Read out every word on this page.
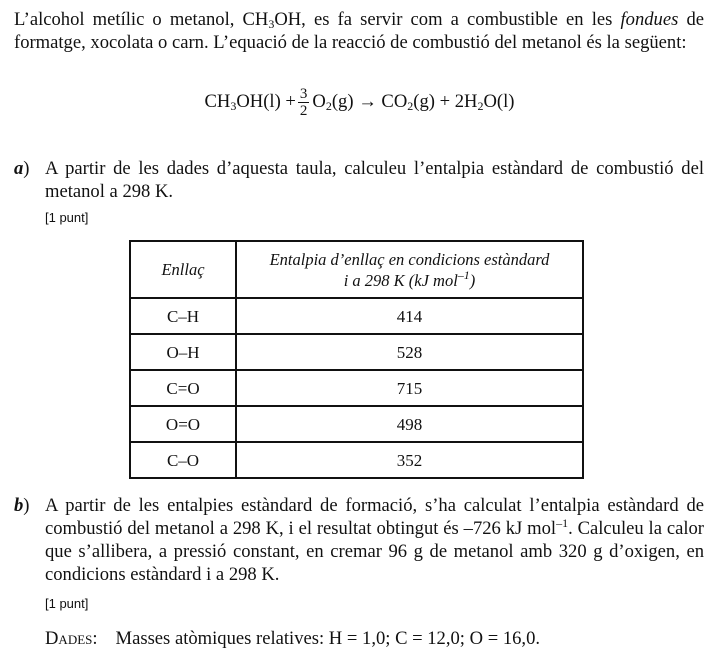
L’alcohol metílic o metanol, $CH_3OH$, es fa servir com a combustible en les fondues de formatge, xocolata o carn. L’equació de la reacció de combustió del metanol és la següent:
$CH_3OH(l) + \frac{3}{2} O_2(g) \to CO_2(g) + 2H_2O(l)$
a) A partir de les dades d’aquesta taula, calculeu l’entalpia estàndard de combustió del metanol a 298 K.
[1 punt]
Enllaç	Entalpia d’enllaç en condicions estàndard
i a 298 K (kJ mol$^{-1}$)
C–H	414
O–H	528
C=O	715
O=O	498
C–O	352
b) A partir de les entalpies estàndard de formació, s’ha calculat l’entalpia estàndard de combustió del metanol a 298 K, i el resultat obtingut és –726 kJ mol$^{-1}$. Calculeu la calor que s’allibera, a pressió constant, en cremar 96 g de metanol amb 320 g d’oxigen, en condicions estàndard i a 298 K.
[1 punt]
Dades: Masses atòmiques relatives: H = 1,0; C = 12,0; O = 16,0.
